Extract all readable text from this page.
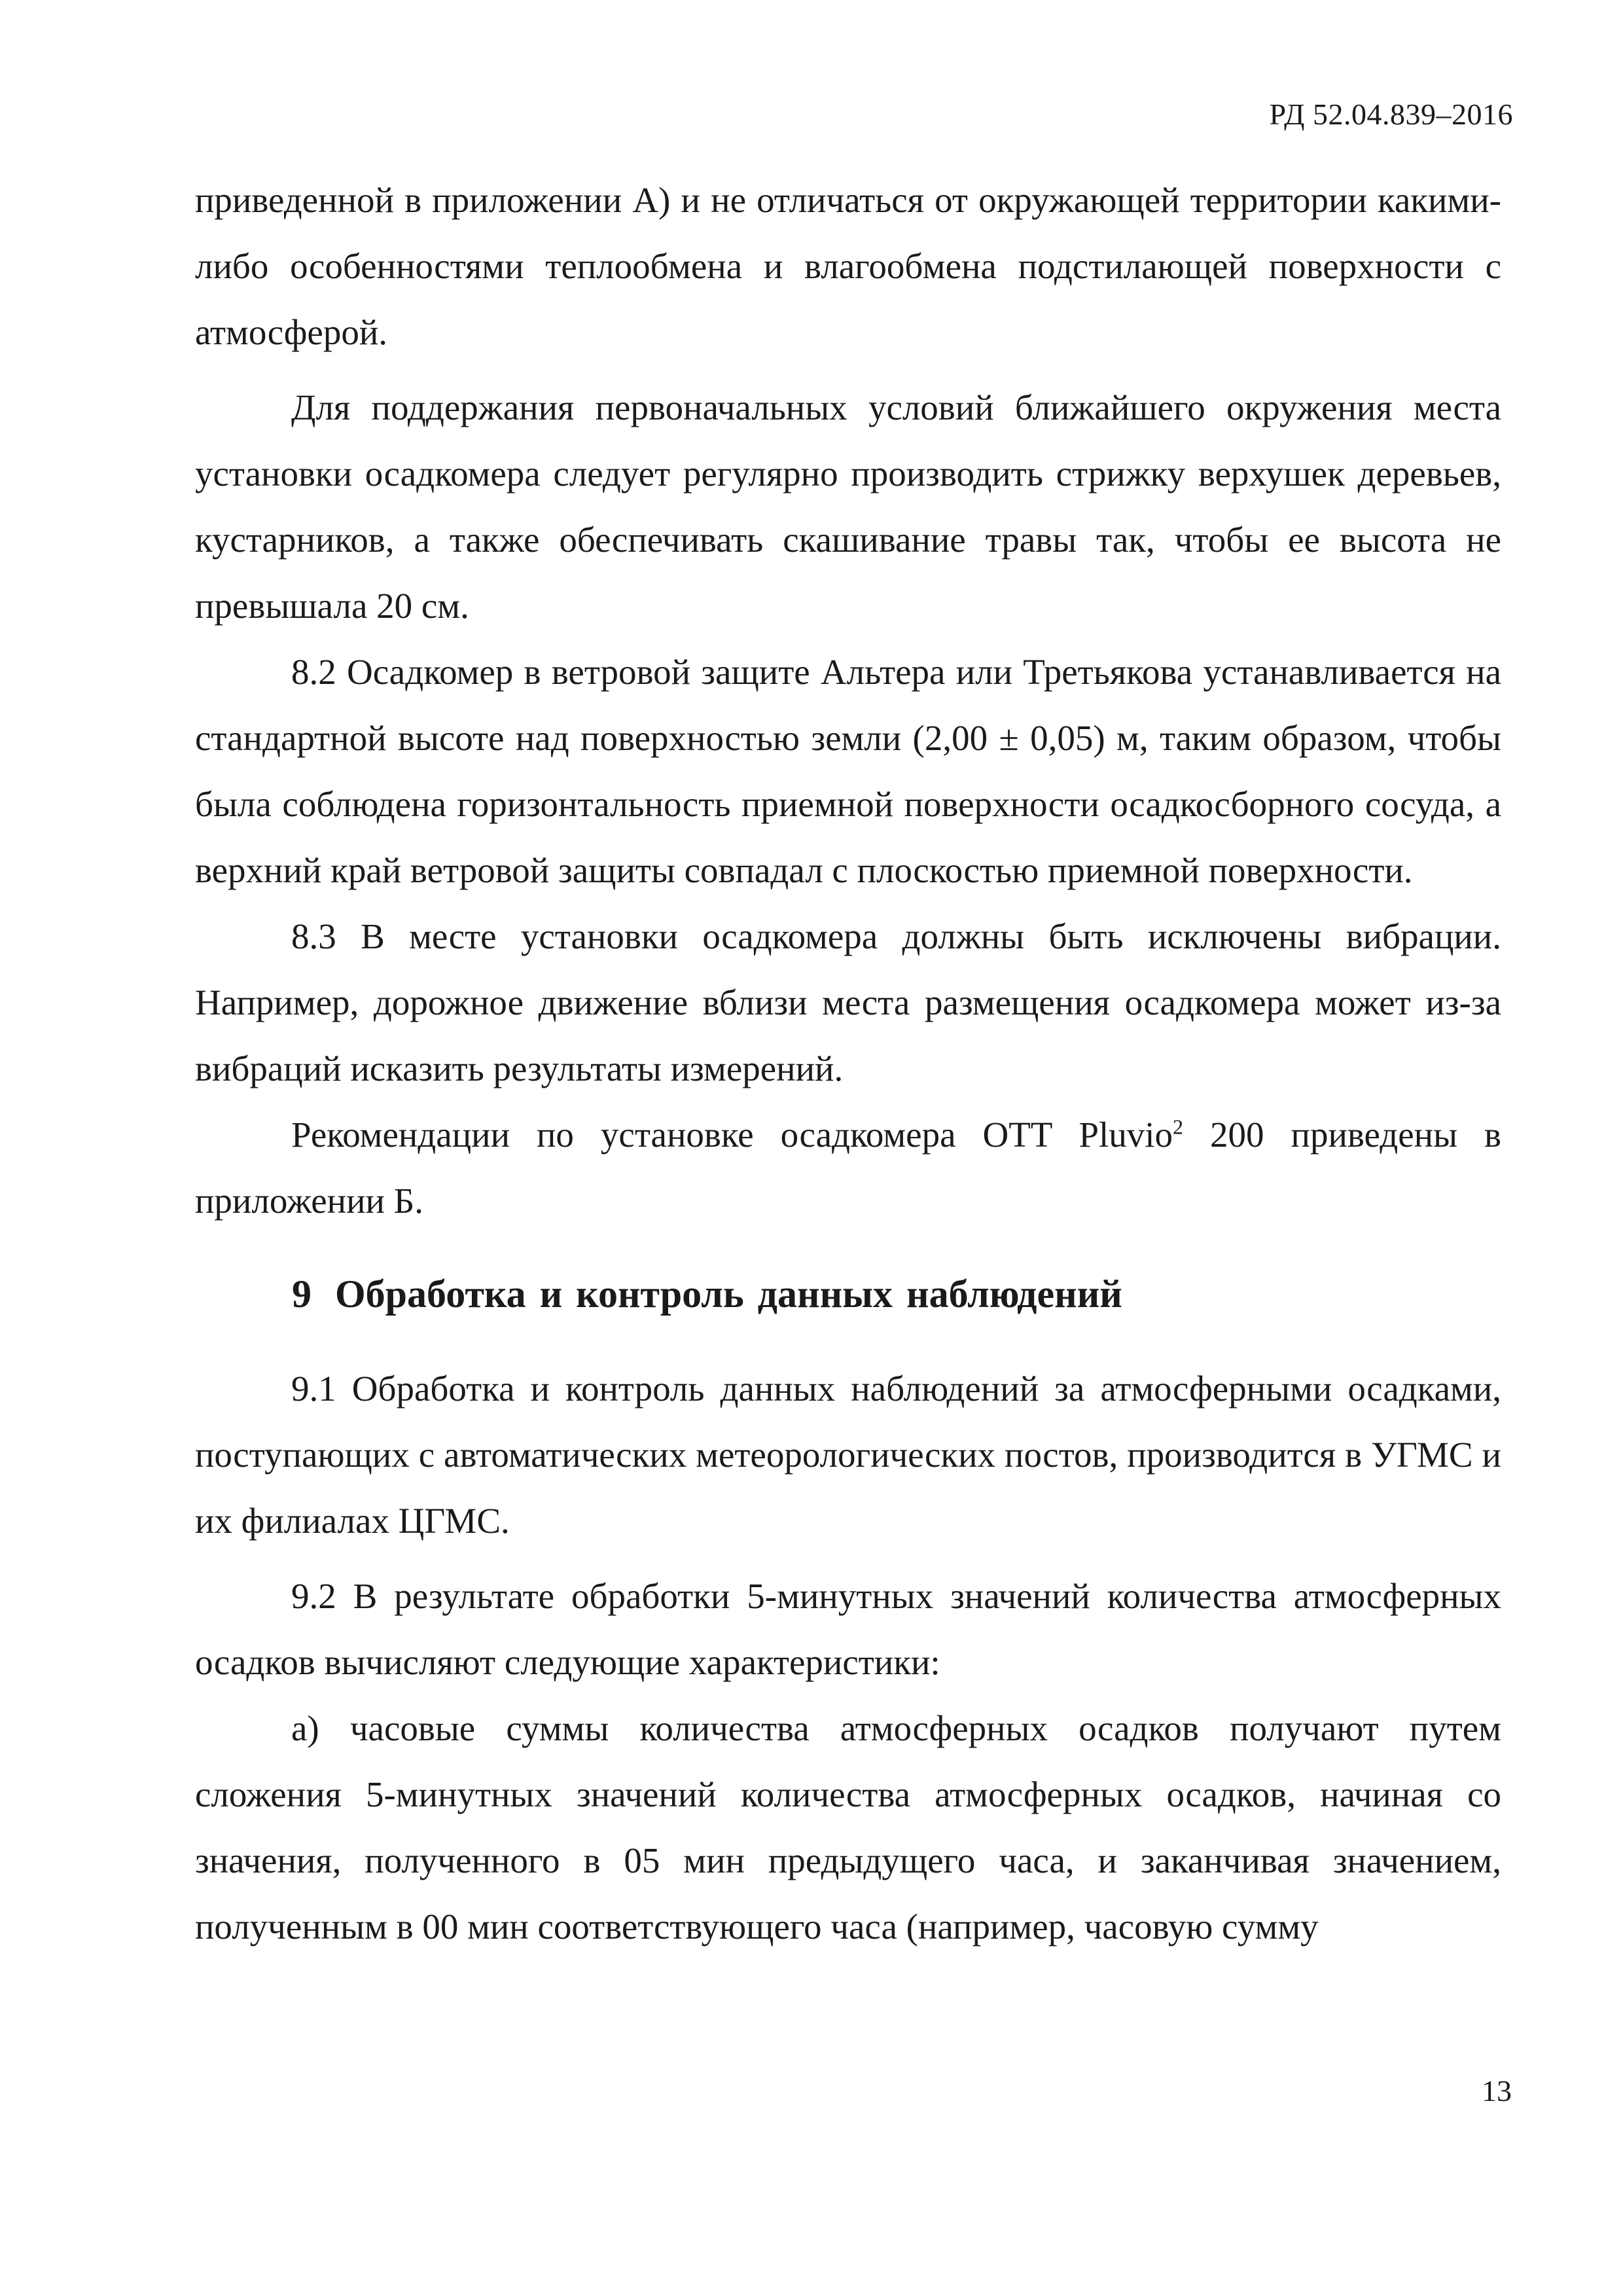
РД 52.04.839–2016

приведенной в приложении А) и не отличаться от окружающей территории какими-либо особенностями теплообмена и влагообмена подстилающей поверхности с атмосферой.

Для поддержания первоначальных условий ближайшего окружения места установки осадкомера следует регулярно производить стрижку верхушек деревьев, кустарников, а также обеспечивать скашивание травы так, чтобы ее высота не превышала 20 см.

8.2 Осадкомер в ветровой защите Альтера или Третьякова устанавливается на стандартной высоте над поверхностью земли (2,00 ± 0,05) м, таким образом, чтобы была соблюдена горизонтальность приемной поверхности осадкосборного сосуда, а верхний край ветровой защиты совпадал с плоскостью приемной поверхности.

8.3 В месте установки осадкомера должны быть исключены вибрации. Например, дорожное движение вблизи места размещения осадкомера может из-за вибраций исказить результаты измерений.

Рекомендации по установке осадкомера OTT Pluvio$^2$ 200 приведены в приложении Б.

9 Обработка и контроль данных наблюдений

9.1 Обработка и контроль данных наблюдений за атмосферными осадками, поступающих с автоматических метеорологических постов, производится в УГМС и их филиалах ЦГМС.

9.2 В результате обработки 5-минутных значений количества атмосферных осадков вычисляют следующие характеристики:

а) часовые суммы количества атмосферных осадков получают путем сложения 5-минутных значений количества атмосферных осадков, начиная со значения, полученного в 05 мин предыдущего часа, и заканчивая значением, полученным в 00 мин соответствующего часа (например, часовую сумму

13
